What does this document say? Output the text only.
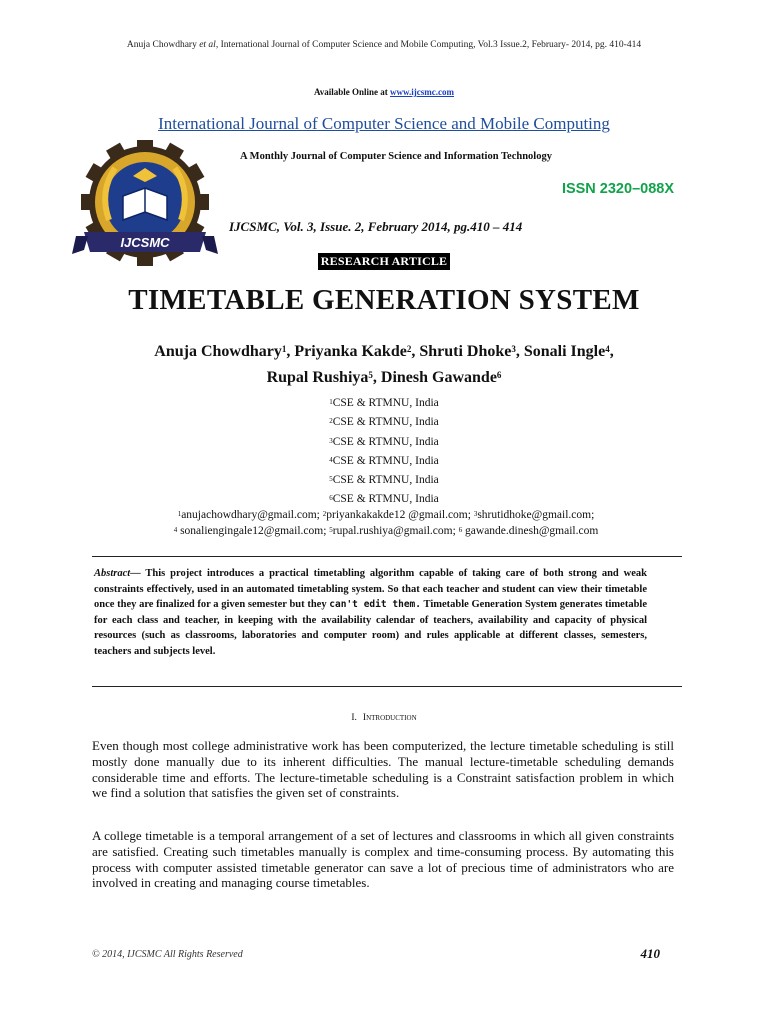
Anuja Chowdhary et al, International Journal of Computer Science and Mobile Computing, Vol.3 Issue.2, February- 2014, pg. 410-414
Available Online at www.ijcsmc.com
International Journal of Computer Science and Mobile Computing
IJCSMC
A Monthly Journal of Computer Science and Information Technology
ISSN 2320–088X
IJCSMC, Vol. 3, Issue. 2, February 2014, pg.410 – 414
RESEARCH ARTICLE
TIMETABLE GENERATION SYSTEM
Anuja Chowdhary$^1$, Priyanka Kakde$^2$, Shruti Dhoke$^3$, Sonali Ingle$^4$,
Rupal Rushiya$^5$, Dinesh Gawande$^6$
$^1$CSE & RTMNU, India
$^2$CSE & RTMNU, India
$^3$CSE & RTMNU, India
$^4$CSE & RTMNU, India
$^5$CSE & RTMNU, India
$^6$CSE & RTMNU, India
$^1$anujachowdhary@gmail.com; $^2$priyankakakde12 @gmail.com; $^3$shrutidhoke@gmail.com;
$^4$ sonaliengingale12@gmail.com; $^5$rupal.rushiya@gmail.com; $^6$ gawande.dinesh@gmail.com
Abstract— This project introduces a practical timetabling algorithm capable of taking care of both strong and weak constraints effectively, used in an automated timetabling system. So that each teacher and student can view their timetable once they are finalized for a given semester but they can't edit them. Timetable Generation System generates timetable for each class and teacher, in keeping with the availability calendar of teachers, availability and capacity of physical resources (such as classrooms, laboratories and computer room) and rules applicable at different classes, semesters, teachers and subjects level.
I. Introduction
Even though most college administrative work has been computerized, the lecture timetable scheduling is still mostly done manually due to its inherent difficulties. The manual lecture-timetable scheduling demands considerable time and efforts. The lecture-timetable scheduling is a Constraint satisfaction problem in which we find a solution that satisfies the given set of constraints.
A college timetable is a temporal arrangement of a set of lectures and classrooms in which all given constraints are satisfied. Creating such timetables manually is complex and time-consuming process. By automating this process with computer assisted timetable generator can save a lot of precious time of administrators who are involved in creating and managing course timetables.
© 2014, IJCSMC All Rights Reserved	410
